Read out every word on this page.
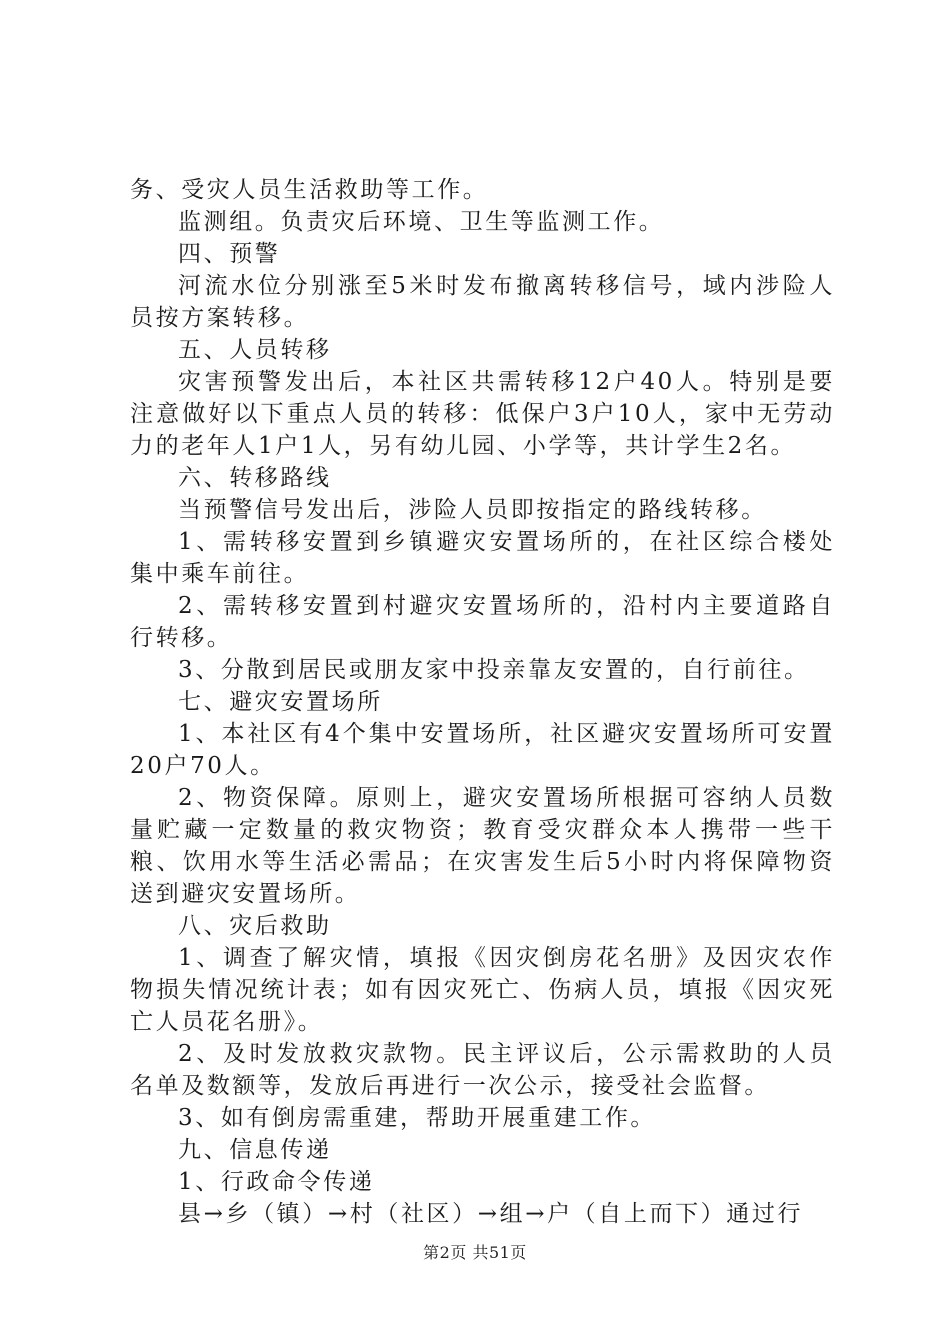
务、受灾人员生活救助等工作。

监测组。负责灾后环境、卫生等监测工作。

四、预警

河流水位分别涨至5米时发布撤离转移信号，域内涉险人员按方案转移。

五、人员转移

灾害预警发出后，本社区共需转移12户40人。特别是要注意做好以下重点人员的转移：低保户3户10人，家中无劳动力的老年人1户1人，另有幼儿园、小学等，共计学生2名。

六、转移路线

当预警信号发出后，涉险人员即按指定的路线转移。

1、需转移安置到乡镇避灾安置场所的，在社区综合楼处集中乘车前往。

2、需转移安置到村避灾安置场所的，沿村内主要道路自行转移。

3、分散到居民或朋友家中投亲靠友安置的，自行前往。

七、避灾安置场所

1、本社区有4个集中安置场所，社区避灾安置场所可安置20户70人。

2、物资保障。原则上，避灾安置场所根据可容纳人员数量贮藏一定数量的救灾物资；教育受灾群众本人携带一些干粮、饮用水等生活必需品；在灾害发生后5小时内将保障物资送到避灾安置场所。

八、灾后救助

1、调查了解灾情，填报《因灾倒房花名册》及因灾农作物损失情况统计表；如有因灾死亡、伤病人员，填报《因灾死亡人员花名册》。

2、及时发放救灾款物。民主评议后，公示需救助的人员名单及数额等，发放后再进行一次公示，接受社会监督。

3、如有倒房需重建，帮助开展重建工作。

九、信息传递

1、行政命令传递

县→乡（镇）→村（社区）→组→户（自上而下）通过行

第2页 共51页
